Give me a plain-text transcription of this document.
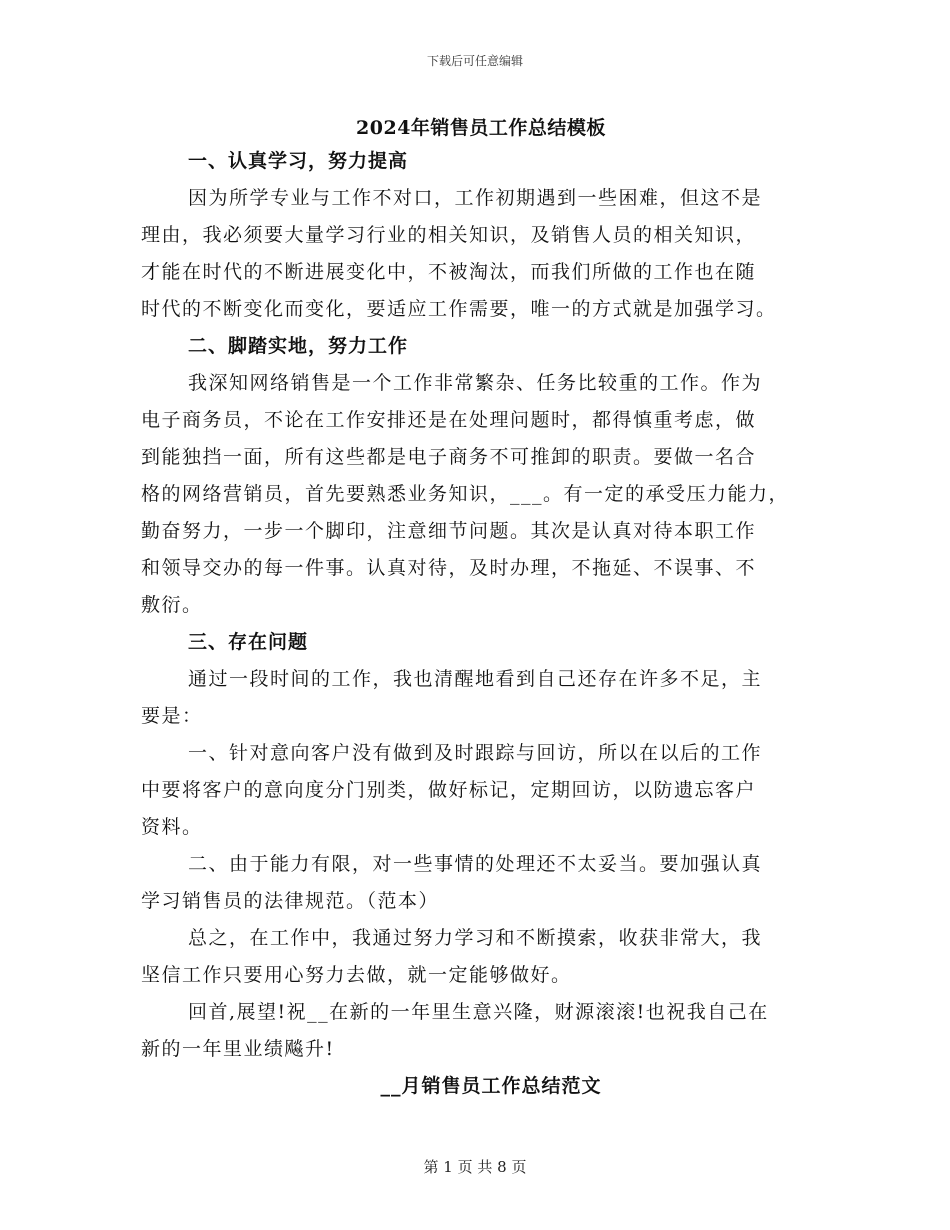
下载后可任意编辑
2024年销售员工作总结模板
一、认真学习，努力提高

因为所学专业与工作不对口，工作初期遇到一些困难，但这不是
理由，我必须要大量学习行业的相关知识，及销售人员的相关知识，
才能在时代的不断进展变化中，不被淘汰，而我们所做的工作也在随
时代的不断变化而变化，要适应工作需要，唯一的方式就是加强学习。

二、脚踏实地，努力工作

我深知网络销售是一个工作非常繁杂、任务比较重的工作。作为
电子商务员，不论在工作安排还是在处理问题时，都得慎重考虑，做
到能独挡一面，所有这些都是电子商务不可推卸的职责。要做一名合
格的网络营销员，首先要熟悉业务知识，___。有一定的承受压力能力，
勤奋努力，一步一个脚印，注意细节问题。其次是认真对待本职工作
和领导交办的每一件事。认真对待，及时办理，不拖延、不误事、不
敷衍。

三、存在问题

通过一段时间的工作，我也清醒地看到自己还存在许多不足，主
要是：

一、针对意向客户没有做到及时跟踪与回访，所以在以后的工作
中要将客户的意向度分门别类，做好标记，定期回访，以防遗忘客户
资料。

二、由于能力有限，对一些事情的处理还不太妥当。要加强认真
学习销售员的法律规范。（范本）

总之，在工作中，我通过努力学习和不断摸索，收获非常大，我
坚信工作只要用心努力去做，就一定能够做好。

回首,展望!祝__在新的一年里生意兴隆，财源滚滚!也祝我自己在
新的一年里业绩飚升!

__月销售员工作总结范文
第 1 页 共 8 页
